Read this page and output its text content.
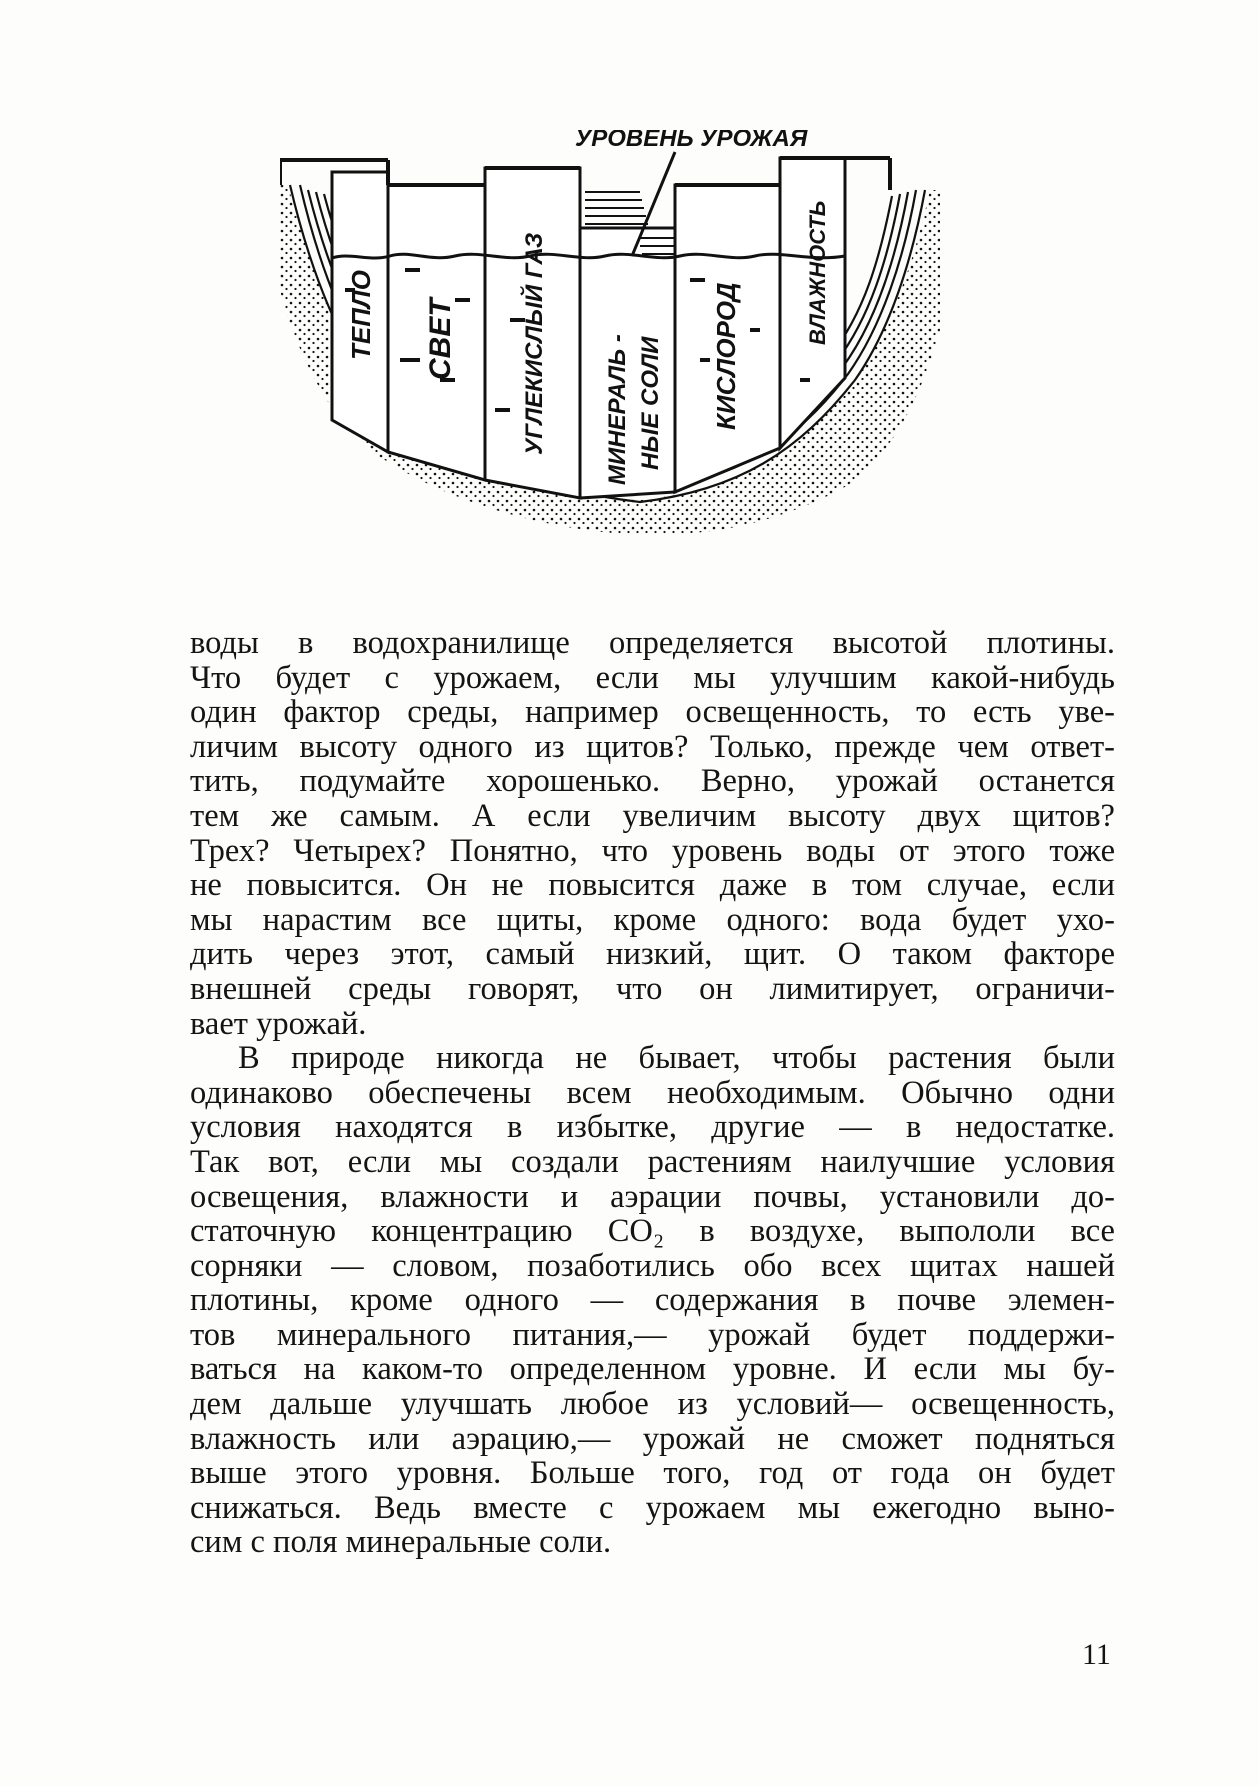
УРОВЕНЬ УРОЖАЯ
ТЕПЛО СВЕТ	УГЛЕКИСЛЫЙ ГАЗ МИНЕРАЛЬ - НЫЕ СОЛИ КИСЛОРОД
ВЛАЖНОСТЬ
воды в водохранилище определяется высотой плотины.
Что будет с урожаем, если мы улучшим какой-нибудь
один фактор среды, например освещенность, то есть уве-
личим высоту одного из щитов? Только, прежде чем ответ-
тить, подумайте хорошенько. Верно, урожай останется
тем же самым. А если увеличим высоту двух щитов?
Трех? Четырех? Понятно, что уровень воды от этого тоже
не повысится. Он не повысится даже в том случае, если
мы нарастим все щиты, кроме одного: вода будет ухо-
дить через этот, самый низкий, щит. О таком факторе
внешней среды говорят, что он лимитирует, ограничи-
вает урожай.
В природе никогда не бывает, чтобы растения были
одинаково обеспечены всем необходимым. Обычно одни
условия находятся в избытке, другие — в недостатке.
Так вот, если мы создали растениям наилучшие условия
освещения, влажности и аэрации почвы, установили до-
статочную концентрацию CO₂ в воздухе, выпололи все
сорняки — словом, позаботились обо всех щитах нашей
плотины, кроме одного — содержания в почве элемен-
тов минерального питания,— урожай будет поддержи-
ваться на каком-то определенном уровне. И если мы бу-
дем дальше улучшать любое из условий— освещенность,
влажность или аэрацию,— урожай не сможет подняться
выше этого уровня. Больше того, год от года он будет
снижаться. Ведь вместе с урожаем мы ежегодно выно-
сим с поля минеральные соли.
11
